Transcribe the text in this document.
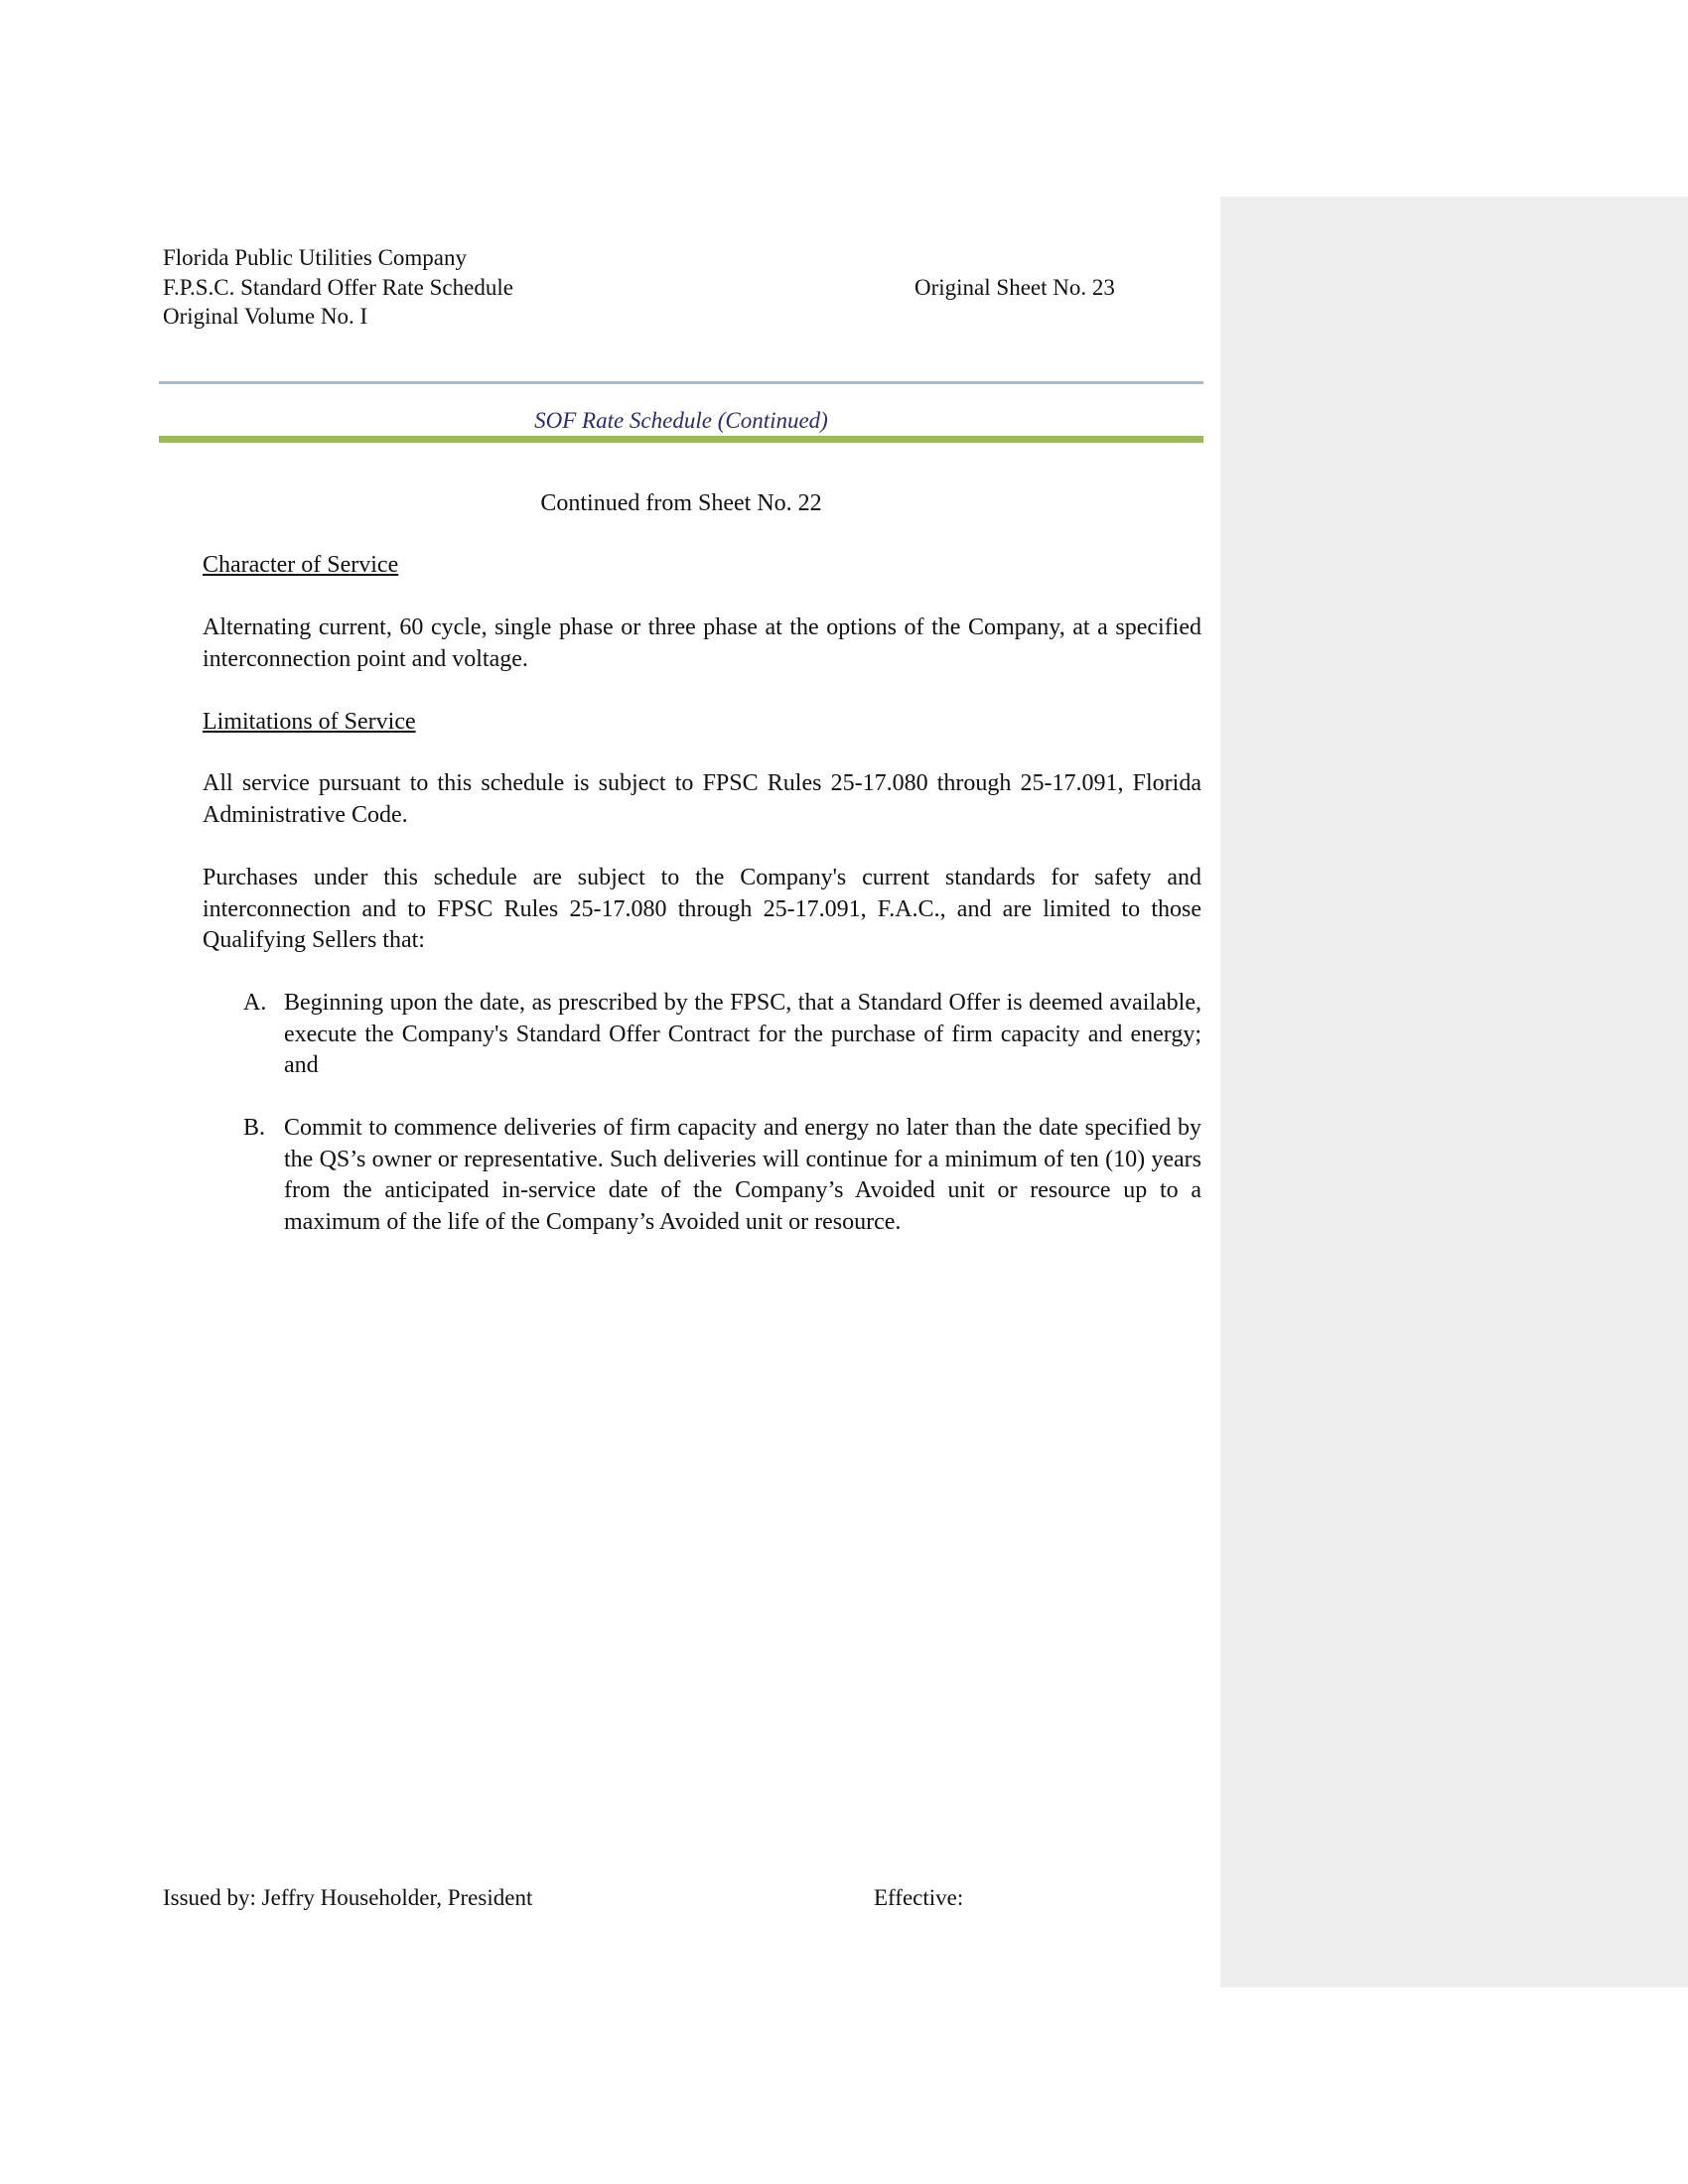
Florida Public Utilities Company
F.P.S.C. Standard Offer Rate Schedule
Original Volume No. I
Original Sheet No. 23
SOF Rate Schedule (Continued)
Continued from Sheet No. 22
Character of Service
Alternating current, 60 cycle, single phase or three phase at the options of the Company, at a specified interconnection point and voltage.
Limitations of Service
All service pursuant to this schedule is subject to FPSC Rules 25-17.080 through 25-17.091, Florida Administrative Code.
Purchases under this schedule are subject to the Company's current standards for safety and interconnection and to FPSC Rules 25-17.080 through 25-17.091, F.A.C., and are limited to those Qualifying Sellers that:
A. Beginning upon the date, as prescribed by the FPSC, that a Standard Offer is deemed available, execute the Company's Standard Offer Contract for the purchase of firm capacity and energy; and
B. Commit to commence deliveries of firm capacity and energy no later than the date specified by the QS’s owner or representative. Such deliveries will continue for a minimum of ten (10) years from the anticipated in-service date of the Company’s Avoided unit or resource up to a maximum of the life of the Company’s Avoided unit or resource.
Issued by: Jeffry Householder, President	Effective:
